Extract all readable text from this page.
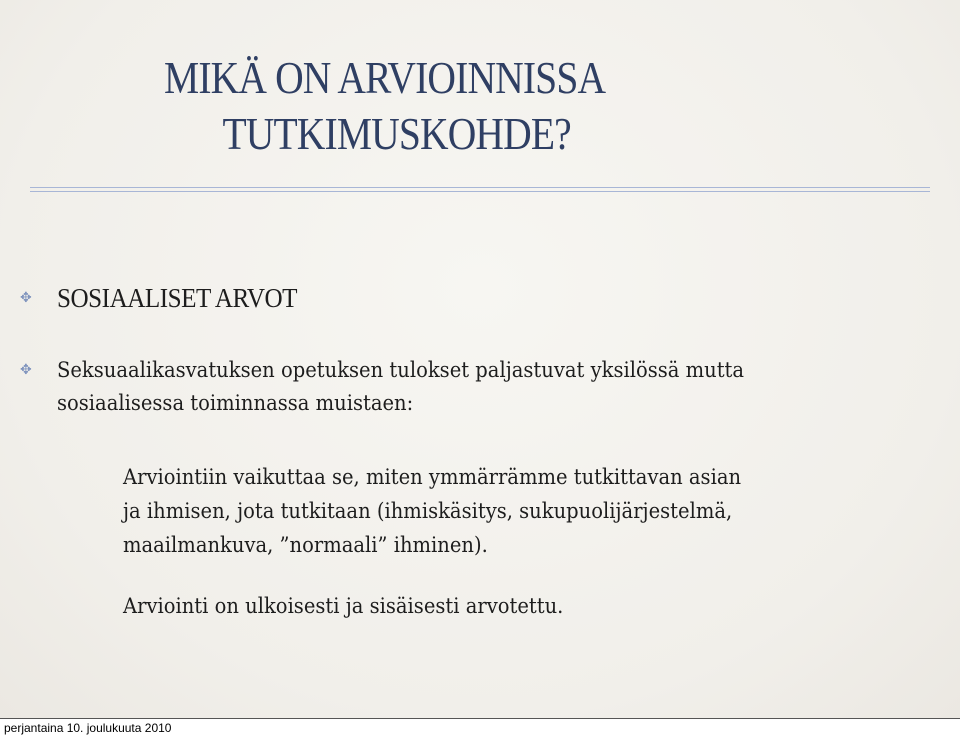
MIKÄ ON ARVIOINNISSA
TUTKIMUSKOHDE?
✥ SOSIAALISET ARVOT
✥ Seksuaalikasvatuksen opetuksen tulokset paljastuvat yksilössä mutta sosiaalisessa toiminnassa muistaen:
Arviointiin vaikuttaa se, miten ymmärrämme tutkittavan asian
ja ihmisen, jota tutkitaan (ihmiskäsitys, sukupuolijärjestelmä,
maailmankuva, ”normaali” ihminen).
Arviointi on ulkoisesti ja sisäisesti arvotettu.
perjantaina 10. joulukuuta 2010
